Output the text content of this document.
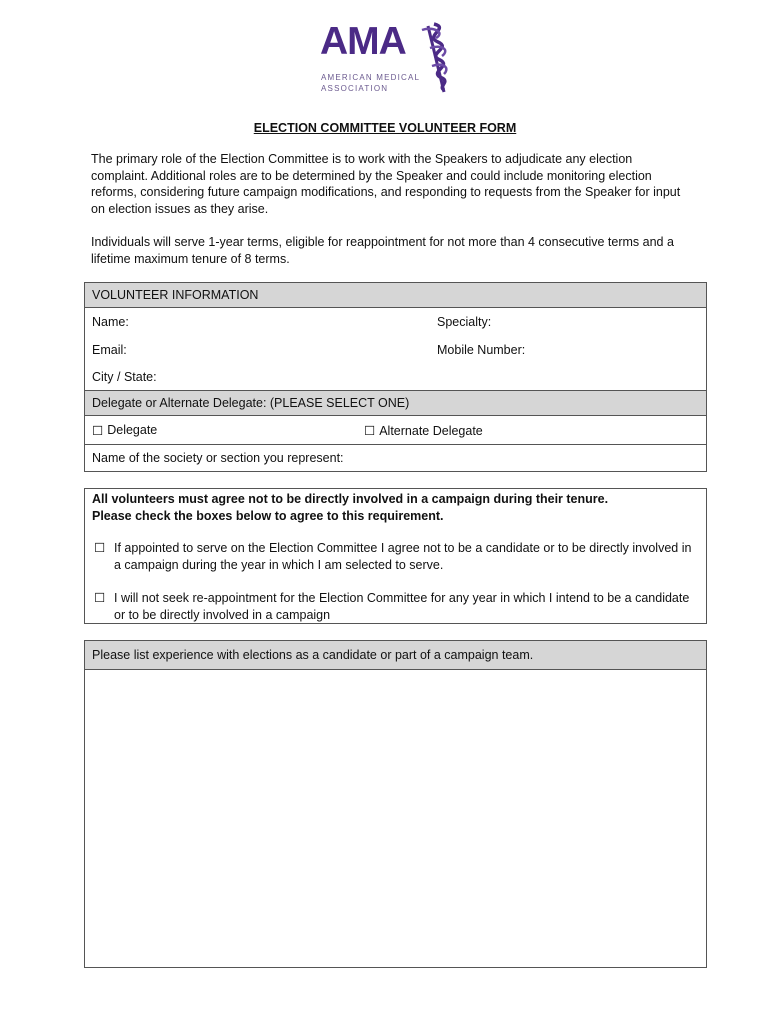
AMA
AMERICAN MEDICAL
ASSOCIATION
ELECTION COMMITTEE VOLUNTEER FORM
The primary role of the Election Committee is to work with the Speakers to adjudicate any election complaint. Additional roles are to be determined by the Speaker and could include monitoring election reforms, considering future campaign modifications, and responding to requests from the Speaker for input on election issues as they arise.
Individuals will serve 1-year terms, eligible for reappointment for not more than 4 consecutive terms and a lifetime maximum tenure of 8 terms.
VOLUNTEER INFORMATION
Name:	Specialty:
Email:	Mobile Number:
City / State:
Delegate or Alternate Delegate: (PLEASE SELECT ONE)
☐ Delegate	☐ Alternate Delegate
Name of the society or section you represent:
All volunteers must agree not to be directly involved in a campaign during their tenure.
Please check the boxes below to agree to this requirement.
☐ If appointed to serve on the Election Committee I agree not to be a candidate or to be directly involved in a campaign during the year in which I am selected to serve.
☐ I will not seek re-appointment for the Election Committee for any year in which I intend to be a candidate or to be directly involved in a campaign
Please list experience with elections as a candidate or part of a campaign team.
